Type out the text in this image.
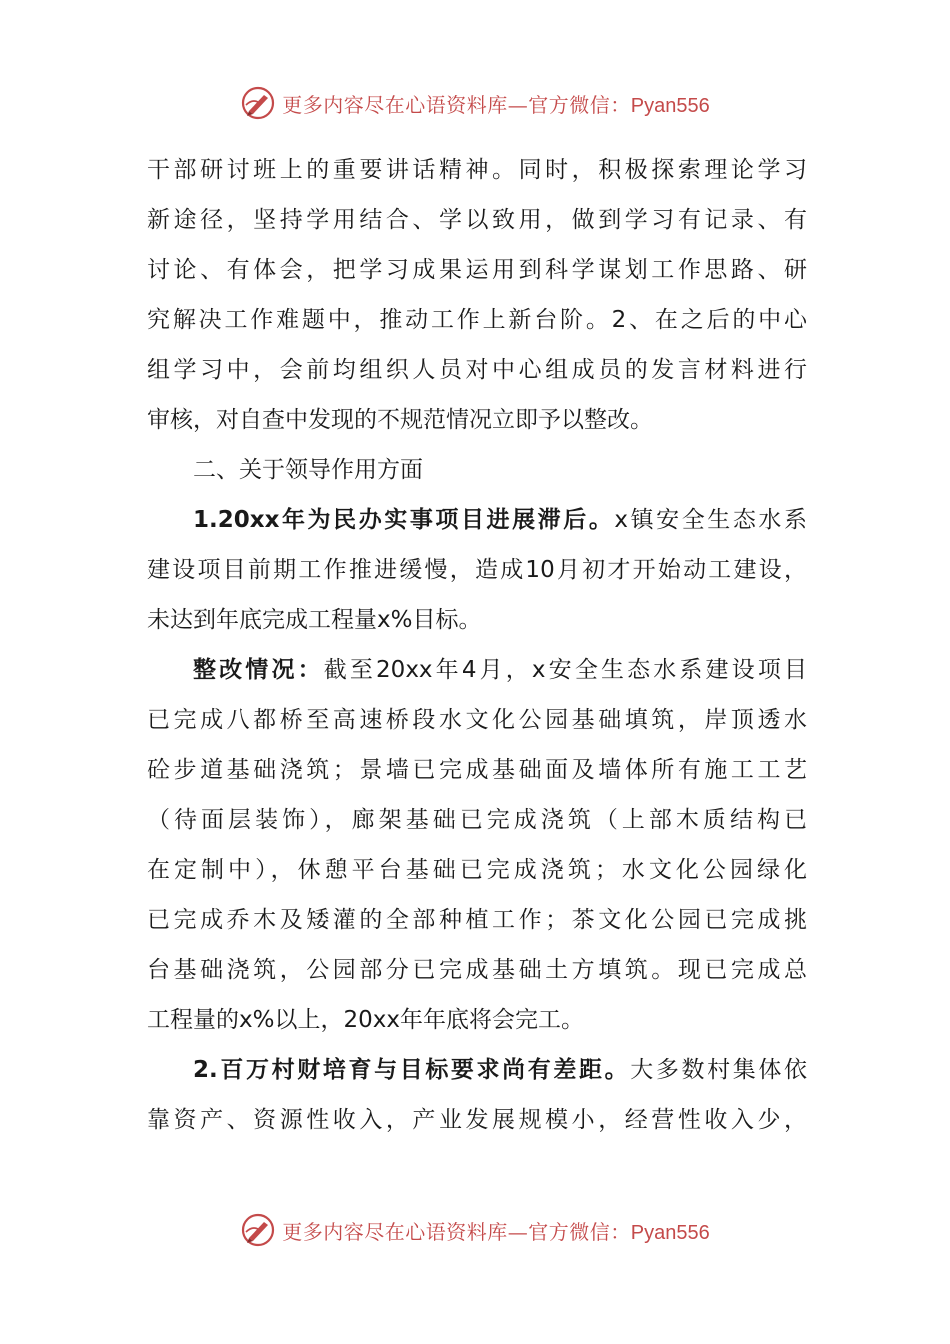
更多内容尽在心语资料库—官方微信：Pyan556
干部研讨班上的重要讲话精神。同时，积极探索理论学习
新途径，坚持学用结合、学以致用，做到学习有记录、有
讨论、有体会，把学习成果运用到科学谋划工作思路、研
究解决工作难题中，推动工作上新台阶。2、在之后的中心
组学习中，会前均组织人员对中心组成员的发言材料进行
审核，对自查中发现的不规范情况立即予以整改。
二、关于领导作用方面
1.20xx年为民办实事项目进展滞后。x镇安全生态水系
建设项目前期工作推进缓慢，造成10月初才开始动工建设，
未达到年底完成工程量x%目标。
整改情况：截至20xx年4月，x安全生态水系建设项目
已完成八都桥至高速桥段水文化公园基础填筑，岸顶透水
砼步道基础浇筑；景墙已完成基础面及墙体所有施工工艺
（待面层装饰），廊架基础已完成浇筑（上部木质结构已
在定制中），休憩平台基础已完成浇筑；水文化公园绿化
已完成乔木及矮灌的全部种植工作；茶文化公园已完成挑
台基础浇筑，公园部分已完成基础土方填筑。现已完成总
工程量的x%以上，20xx年年底将会完工。
2.百万村财培育与目标要求尚有差距。大多数村集体依
靠资产、资源性收入，产业发展规模小，经营性收入少，
更多内容尽在心语资料库—官方微信：Pyan556
